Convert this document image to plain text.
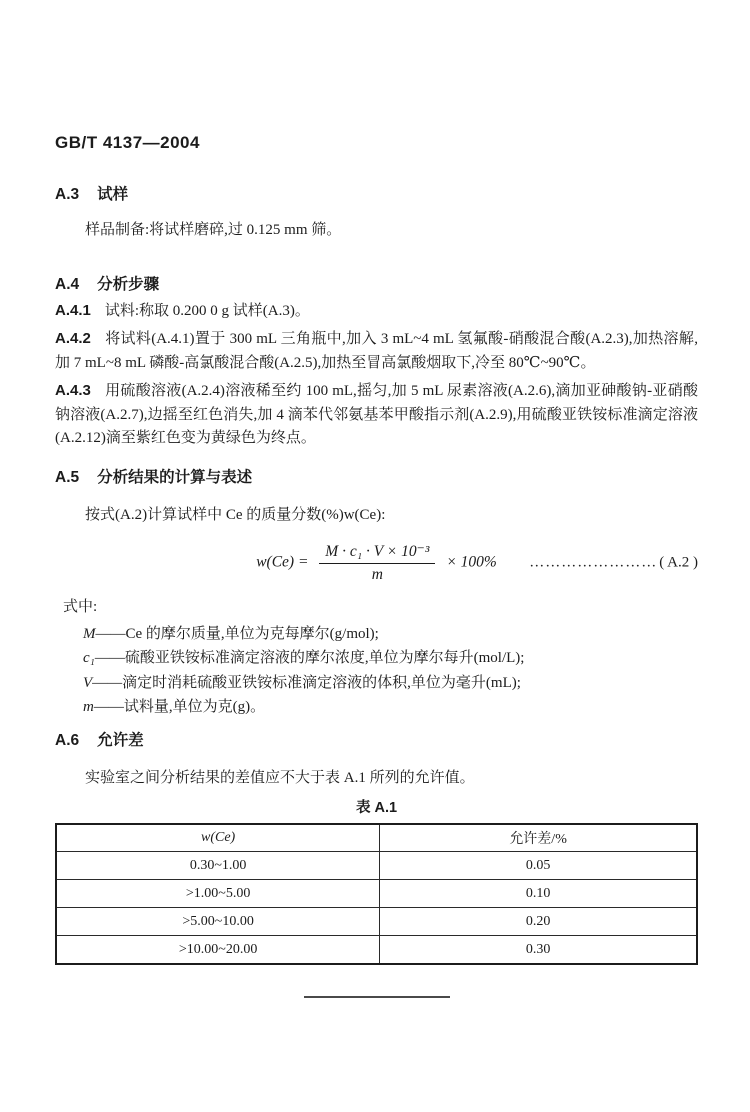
GB/T 4137—2004
A.3 试样

样品制备:将试样磨碎,过 0.125 mm 筛。

A.4 分析步骤

A.4.1 试料:称取 0.200 0 g 试样(A.3)。

A.4.2 将试料(A.4.1)置于 300 mL 三角瓶中,加入 3 mL~4 mL 氢氟酸-硝酸混合酸(A.2.3),加热溶解,加 7 mL~8 mL 磷酸-高氯酸混合酸(A.2.5),加热至冒高氯酸烟取下,冷至 80℃~90℃。

A.4.3 用硫酸溶液(A.2.4)溶液稀至约 100 mL,摇匀,加 5 mL 尿素溶液(A.2.6),滴加亚砷酸钠-亚硝酸钠溶液(A.2.7),边摇至红色消失,加 4 滴苯代邻氨基苯甲酸指示剂(A.2.9),用硫酸亚铁铵标准滴定溶液(A.2.12)滴至紫红色变为黄绿色为终点。

A.5 分析结果的计算与表述

按式(A.2)计算试样中 Ce 的质量分数(%)w(Ce):

$w(Ce) = \frac{\text{M · c₁ · V × 10⁻³}}{m} \times 100\%$	…………………… ( A.2 )

式中:

M——Ce 的摩尔质量,单位为克每摩尔(g/mol);

c₁——硫酸亚铁铵标准滴定溶液的摩尔浓度,单位为摩尔每升(mol/L);

V——滴定时消耗硫酸亚铁铵标准滴定溶液的体积,单位为毫升(mL);

m——试料量,单位为克(g)。

A.6 允许差

实验室之间分析结果的差值应不大于表 A.1 所列的允许值。

表 A.1
w(Ce)	允许差/%
0.30~1.00	0.05
>1.00~5.00	0.10
>5.00~10.00	0.20
>10.00~20.00	0.30
